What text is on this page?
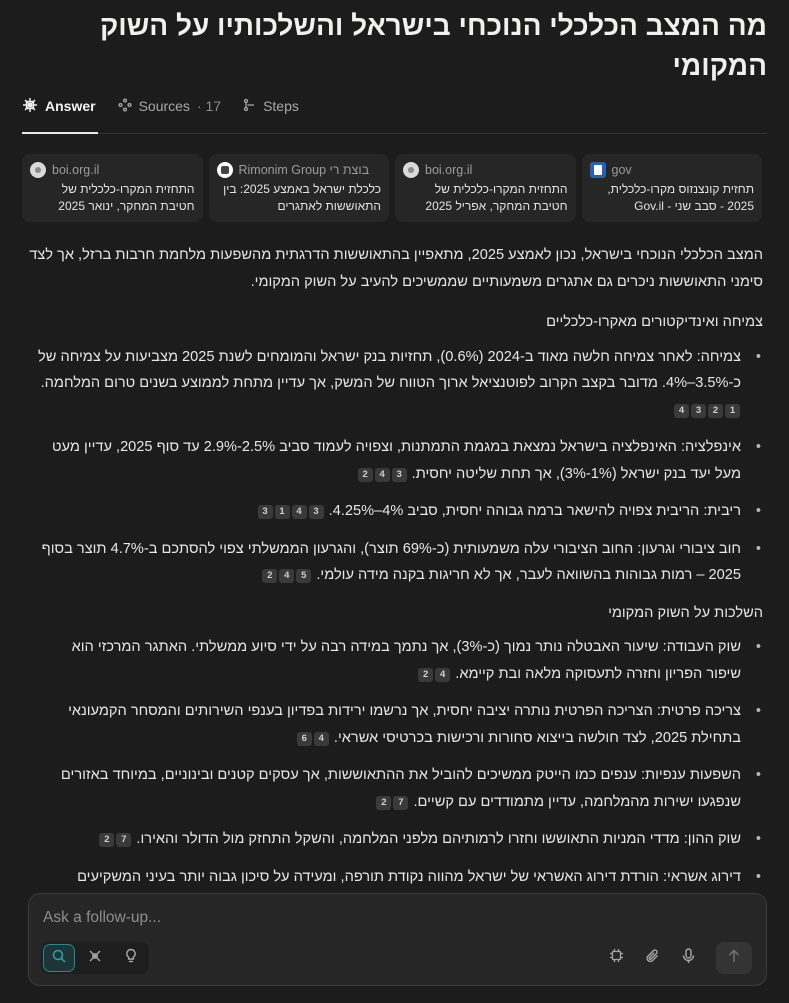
מה המצב הכלכלי הנוכחי בישראל והשלכותיו על השוק המקומי
Answer	Sources · 17	Steps
boi.org.il
התחזית המקרו-כלכלית של חטיבת המחקר, ינואר 2025
Rimonim Group בוצת רי
כלכלת ישראל באמצע 2025: בין התאוששות לאתגרים
boi.org.il
התחזית המקרו-כלכלית של חטיבת המחקר, אפריל 2025
gov
תחזית קונצנזוס מקרו-כלכלית, 2025 - סבב שני - Gov.il

המצב הכלכלי הנוכחי בישראל, נכון לאמצע 2025, מתאפיין בהתאוששות הדרגתית מהשפעות מלחמת חרבות ברזל, אך לצד סימני התאוששות ניכרים גם אתגרים משמעותיים שממשיכים להעיב על השוק המקומי.

צמיחה ואינדיקטורים מאקרו-כלכליים
• צמיחה: לאחר צמיחה חלשה מאוד ב-2024 (0.6%), תחזיות בנק ישראל והמומחים לשנת 2025 מצביעות על צמיחה של כ-3.5%–4%. מדובר בקצב הקרוב לפוטנציאל ארוך הטווח של המשק, אך עדיין מתחת לממוצע בשנים טרום המלחמה. 1234
• אינפלציה: האינפלציה בישראל נמצאת במגמת התמתנות, וצפויה לעמוד סביב 2.5%-2.9% עד סוף 2025, עדיין מעט מעל יעד בנק ישראל (1%-3%), אך תחת שליטה יחסית. 342
• ריבית: הריבית צפויה להישאר ברמה גבוהה יחסית, סביב 4%–4.25%. 3413
• חוב ציבורי וגרעון: החוב הציבורי עלה משמעותית (כ-69% תוצר), והגרעון הממשלתי צפוי להסתכם ב-4.7% תוצר בסוף 2025 – רמות גבוהות בהשוואה לעבר, אך לא חריגות בקנה מידה עולמי. 542
השלכות על השוק המקומי
• שוק העבודה: שיעור האבטלה נותר נמוך (כ-3%), אך נתמך במידה רבה על ידי סיוע ממשלתי. האתגר המרכזי הוא שיפור הפריון וחזרה לתעסוקה מלאה ובת קיימא. 42
• צריכה פרטית: הצריכה הפרטית נותרה יציבה יחסית, אך נרשמו ירידות בפדיון בענפי השירותים והמסחר הקמעונאי בתחילת 2025, לצד חולשה בייצוא סחורות ורכישות בכרטיסי אשראי. 46
• השפעות ענפיות: ענפים כמו הייטק ממשיכים להוביל את ההתאוששות, אך עסקים קטנים ובינוניים, במיוחד באזורים שנפגעו ישירות מהמלחמה, עדיין מתמודדים עם קשיים. 72
• שוק ההון: מדדי המניות התאוששו וחזרו לרמותיהם מלפני המלחמה, והשקל התחזק מול הדולר והאירו. 72
• דירוג אשראי: הורדת דירוג האשראי של ישראל מהווה נקודת תורפה, ומעידה על סיכון גבוה יותר בעיני המשקיעים
Ask a follow-up...
